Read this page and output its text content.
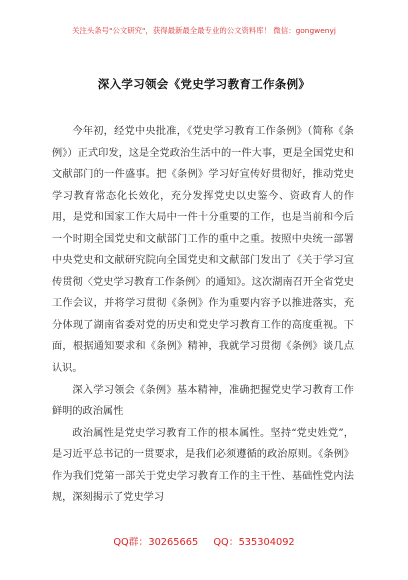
关注头条号"公文研究"，获得最新最全最专业的公文资料库！ 微信：gongwenyj
深入学习领会《党史学习教育工作条例》

今年初，经党中央批准，《党史学习教育工作条例》（简称《条例》）正式印发，这是全党政治生活中的一件大事，更是全国党史和文献部门的一件盛事。把《条例》学习好宣传好贯彻好，推动党史学习教育常态化长效化，充分发挥党史以史鉴今、资政育人的作用，是党和国家工作大局中一件十分重要的工作，也是当前和今后一个时期全国党史和文献部门工作的重中之重。按照中央统一部署中央党史和文献研究院向全国党史和文献部门发出了《关于学习宣传贯彻〈党史学习教育工作条例〉的通知》。这次湖南召开全省党史工作会议，并将学习贯彻《条例》作为重要内容予以推进落实，充分体现了湖南省委对党的历史和党史学习教育工作的高度重视。下面，根据通知要求和《条例》精神，我就学习贯彻《条例》谈几点认识。

深入学习领会《条例》基本精神，准确把握党史学习教育工作鲜明的政治属性

政治属性是党史学习教育工作的根本属性。坚持“党史姓党”，是习近平总书记的一贯要求，是我们必须遵循的政治原则。《条例》作为我们党第一部关于党史学习教育工作的主干性、基础性党内法规，深刻揭示了党史学习

QQ群：30265665 QQ：535304092
